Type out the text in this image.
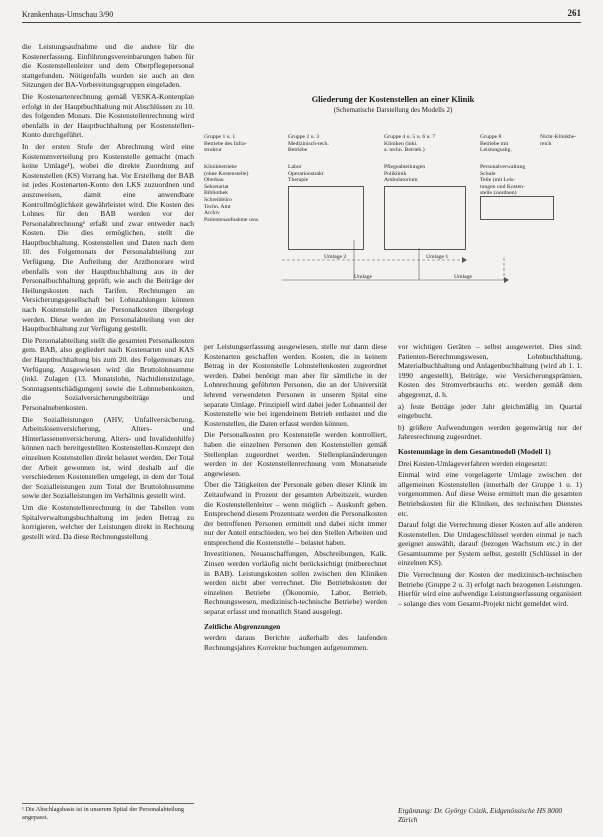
Krankenhaus-Umschau 3/90	261

die Leistungsaufnahme und die andere für die Kostenerfassung. Einführungsvereinbarungen haben für die Kostenstellenleiter und dem Oberpflegepersonal stattgefunden. Nötigenfalls wurden sie auch an den Sitzungen der BA-Vorbereitungsgruppen eingeladen.

Die Kostenartenrechnung gemäß VESKA-Kontenplan erfolgt in der Hauptbuchhaltung mit Abschlüssen zu 10. des folgenden Monats. Die Kostenstellenrechnung wird ebenfalls in der Hauptbuchhaltung per Kostenstellen-Konto durchgeführt.

In der ersten Stufe der Abrechnung wird eine Kostenumverteilung pro Kostenstelle gemacht (mach keine Umlage¹), wobei die direkte Zuordnung auf Kostenstellen (KS) Vorrang hat. Vor Erstellung der BAB ist jedes Kostenarten-Konto den LKS zuzuordnen und auszuweisen, damit eine anwendbare Kontrollmöglichkeit gewährleistet wird. Die Kosten des Lohnes für den BAB werden vor der Personalabrechnung¹ erfaßt und zwar entweder nach Kosten. Die dies ermöglichen, stellt die Hauptbuchhaltung. Kostenstellen und Daten nach dem 10. des Folgemonats der Personalabteilung zur Verfügung. Die Aufteilung der Arzthonorare wird ebenfalls von der Hauptbuchhaltung aus in der Personalbuchhaltung geprüft, wie auch die Beiträge der Heilungskosten nach Tarifen. Rechnungen an Versicherungsgesellschaft bei Lohnzahlungen können nach Kostenstelle an die Personalkosten übergelegt werden. Diese werden im Personalabteilung von der Hauptbuchhaltung zur Verfügung gestellt.

Die Personalabteilung stellt die gesamten Personalkosten gem. BAB, also gegliedert nach Kostenarten und KAS der Hauptbuchhaltung bis zum 20. des Folgemonats zur Verfügung. Ausgewiesen wird die Bruttolohnsumme (inkl. Zulagen (13. Monatslohn, Nachtdienstzulage, Sonntagsentschädigungen) sowie die Lohnnebenkosten, die Sozialversicherungsbeiträge und Personalnebenkosten.

Die Sozialleistungen (AHV, Unfallversicherung, Arbeitslosenversicherung, Alters- und Hinterlassenenversicherung, Alters- und Invalidenhilfe) können nach bereitgestellten Kostenstellen-Konzept den einzelnen Kostenstellen direkt belastet werden. Der Total der Arbeit gewonnen ist, wird deshalb auf die verschiedenen Kostenstellen umgelegt, in dem der Total der Sozialleistungen zum Total der Bruttolohnsumme sowie der Sozialleistungen im Verhältnis gestellt wird.

Um die Kostenstellenrechnung in der Tabellen vom Spitalverwaltungsbuchhaltung im jeden Betrag zu korrigieren, welcher der Leistungen direkt in Rechnung gestellt wird. Da diese Rechnungsstellung

¹ Die Abschlagsbasis ist in unserem Spital der Personalabteilung angepasst.
Gliederung der Kostenstellen an einer Klinik
(Schematische Darstellung des Modells 2)
Gruppe 1 u. 1
Betriebe des Infra-
struktur
Gruppe 2 u. 3
Medizinisch-tech.
Betriebe
Gruppe 4 u. 5 u. 6 u. 7
Kliniken (inkl.
a. techn. Betrieb.)
Gruppe 8
Betriebe mit
Leistungsabg.
Nicht-Klinikbe-
reich
Klinikbetriebe
(ohne Kostenstelle)
Oberbau
Sekretariat
Bibliothek
Schreibbüro
Techn. Amt
Archiv
Patientenaufnahme usw.
Labor
Operationstrakt
Therapie
Pflegeabteilungen
Poliklinik
Ambulatorium
Personalverwaltung
Schule
Teile (mit Leis-
tungen und Kosten-
stelle zuordnen)
Umlage 2	Umlage 1
Umlage	Umlage

per Leistungserfassung ausgewiesen, stelle nur dann diese Kostenarten geschaffen werden. Kosten, die in keinem Betrag in der Kostenstelle Lohnstellenkosten zugeordnet werden. Dabei benötigt man aber für sämtliche in der Lohnrechnung geführten Personen, die an der Universität lehrend verwendeten Personen in unseren Spital eine separate Umlage. Prinzipiell wird dabei jeder Lohnanteil der Kostenstelle wie bei irgendeinem Betrieb entlastet und die Kostenstellen, die Daten erfasst werden können.

Die Personalkosten pro Kostenstelle werden kontrolliert, haben die einzelnen Personen den Kostenstellen gemäß Stellenplan zugeordnet werden. Stellenplanänderungen werden in der Kostenstellenrechnung vom Monatsende angewiesen.

Über die Tätigkeiten der Personale geben dieser Klinik im Zeitaufwand in Prozent der gesamten Arbeitszeit, wurden die Kostenstellenleiter – wenn möglich – Auskunft geben. Entsprechend diesem Prozentsatz werden die Personalkosten der betroffenen Personen ermittelt und dabei nicht immer nur der Anteil entschieden, wo bei den Stellen Arbeiten und entsprechend die Kostenstelle – belastet haben.

Investitionen, Neuanschaffungen, Abschreibungen, Kalk. Zinsen werden vorläufig nicht berücksichtigt (mitberechnet in BAB). Leistungskosten sollen zwischen den Kliniken werden nicht aber verrechnet. Die Betriebskosten der einzelnen Betriebe (Ökonomie, Labor, Betrieb, Rechnungswesen, medizinisch-technische Betriebe) werden separat erfasst und monatlich Stand ausgelegt.

Zeitliche Abgrenzungen

werden daraus Berichte außerhalb des laufenden Rechnungsjahres Korrektur buchungen aufgenommen.

vor wichtigen Geräten – selbst ausgewertet. Dies sind: Patienten-Berechnungswesen, Lohnbuchhaltung, Materialbuchhaltung und Anlagenbuchhaltung (wird ab 1. 1. 1990 angestellt), Beiträge, wie Versicherungsprämien, Kosten des Stromverbrauchs etc. werden gemäß dem abgegrenzt, d. h.

a) feste Beträge jeder Jahr gleichmäßig im Quartal eingebucht.

b) größere Aufwendungen werden gegenwärtig nur der Jahresrechnung zugeordnet.

Kostenumlage in dem Gesamtmodell (Modell 1)

Drei Kosten-Umlageverfahren werden eingesetzt:

Einmal wird eine vorgelagerte Umlage zwischen der allgemeinen Kostenstellen (innerhalb der Gruppe 1 u. 1) vorgenommen. Auf diese Weise ermittelt man die gesamten Betriebskosten für die Kliniken, des technischen Dienstes etc.

Darauf folgt die Verrechnung dieser Kosten auf alle anderen Kostenstellen. Die Umlageschlüssel werden einmal je nach geeignet auswählt, darauf (bezogen Wachstum etc.) in der Gesamtsumme per System selbst, gestellt (Schlüssel in der einzelnen KS).

Die Verrechnung der Kosten der medizinisch-technischen Betriebe (Gruppe 2 u. 3) erfolgt nach bezogenen Leistungen. Hierfür wird eine aufwendige Leistungserfassung organisiert – solange dies vom Gesamt-Projekt nicht gemeldet wird.

Ergänzung: Dr. György Csizik, Eidgenössische HS 8000 Zürich
